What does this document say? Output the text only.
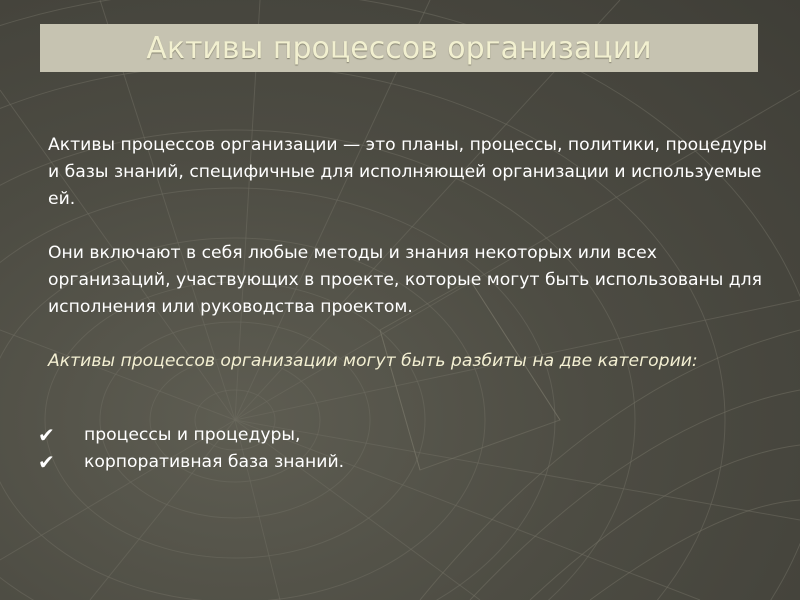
Активы процессов организации

Активы процессов организации — это планы, процессы, политики, процедуры и базы знаний, специфичные для исполняющей организации и используемые ей.

Они включают в себя любые методы и знания некоторых или всех организаций, участвующих в проекте, которые могут быть использованы для исполнения или руководства проектом.

Активы процессов организации могут быть разбиты на две категории:

✔ процессы и процедуры,
✔ корпоративная база знаний.
